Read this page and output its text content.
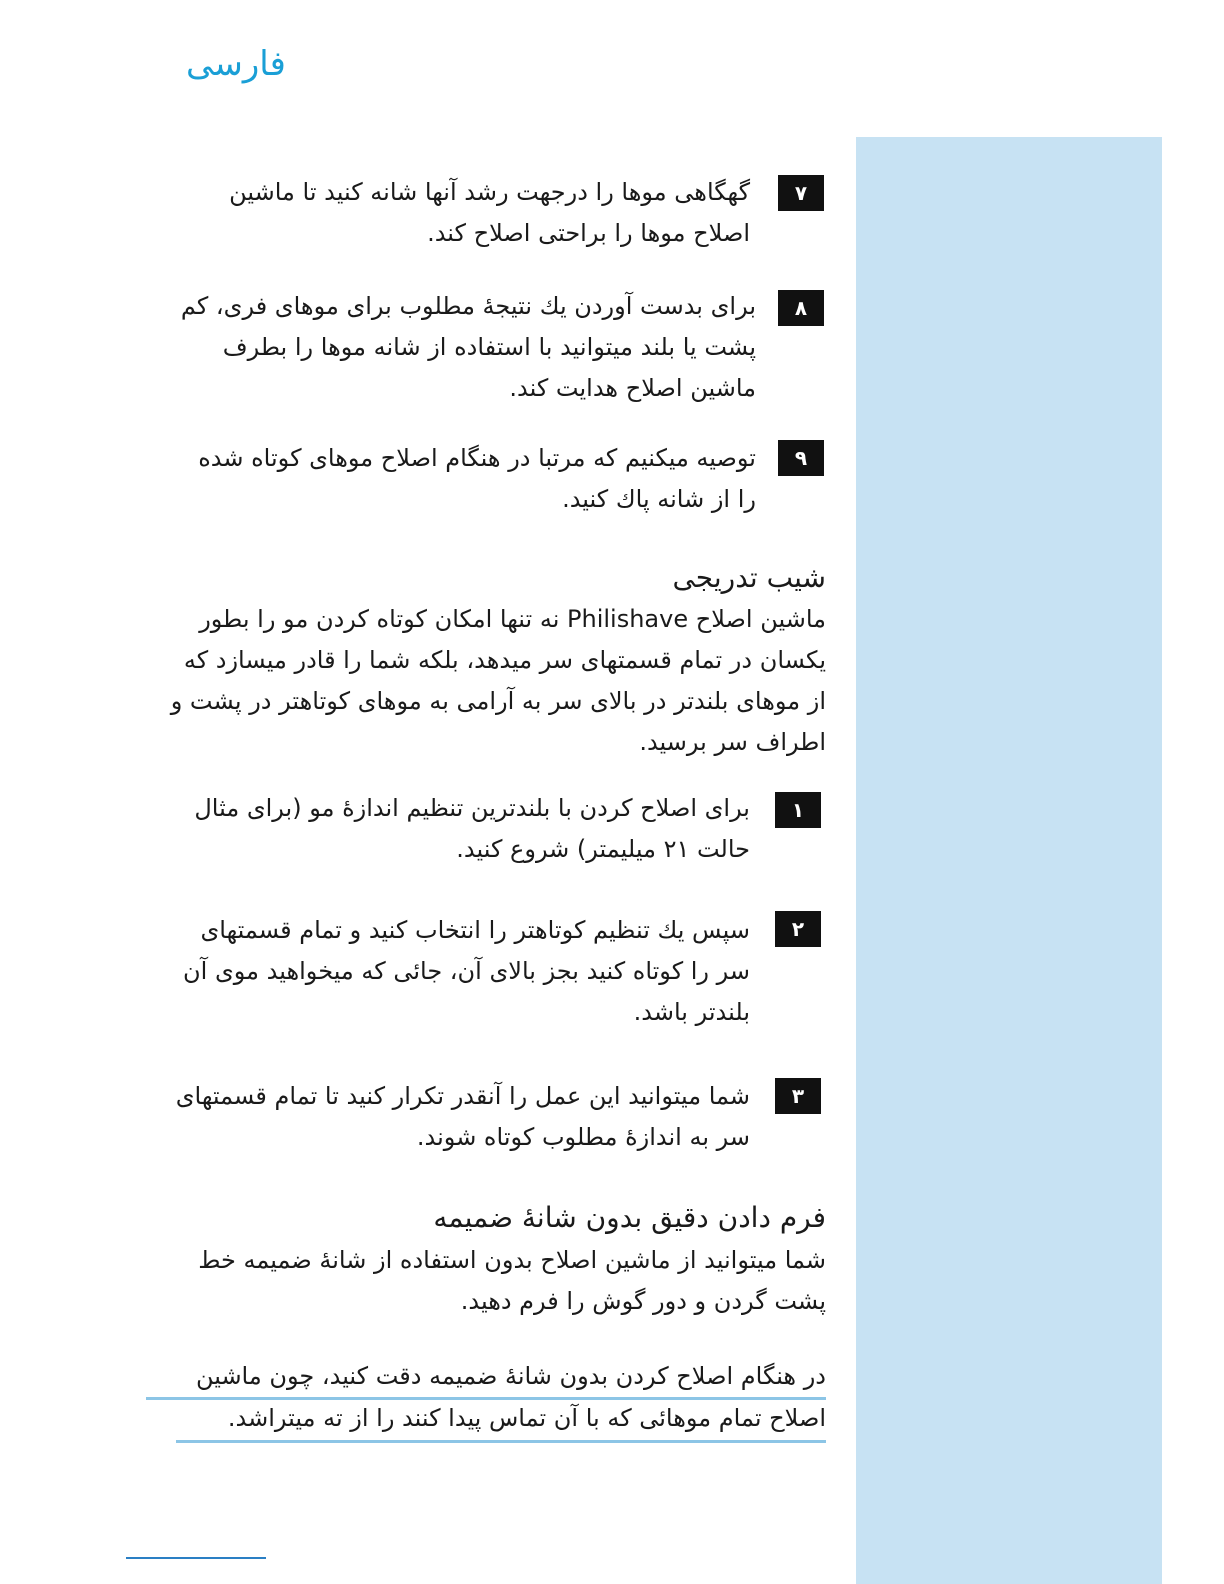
فارسی
۷
گهگاهی موها را درجهت رشد آنها شانه کنید تا ماشین
اصلاح موها را براحتی اصلاح کند.
۸
برای بدست آوردن یك نتیجهٔ مطلوب برای موهای فری، کم
پشت یا بلند میتوانید با استفاده از شانه موها را بطرف
ماشین اصلاح هدایت کند.
۹
توصیه میکنیم که مرتبا در هنگام اصلاح موهای کوتاه شده
را از شانه پاك کنید.
شیب تدریجی
ماشین اصلاح Philishave نه تنها امکان کوتاه کردن مو را بطور
یکسان در تمام قسمتهای سر میدهد، بلکه شما را قادر میسازد که
از موهای بلندتر در بالای سر به آرامی به موهای کوتاهتر در پشت و
اطراف سر برسید.
۱
برای اصلاح کردن با بلندترین تنظیم اندازهٔ مو (برای مثال
حالت ۲۱ میلیمتر) شروع کنید.
۲
سپس یك تنظیم کوتاهتر را انتخاب کنید و تمام قسمتهای
سر را کوتاه کنید بجز بالای آن، جائی که میخواهید موی آن
بلندتر باشد.
۳
شما میتوانید این عمل را آنقدر تکرار کنید تا تمام قسمتهای
سر به اندازهٔ مطلوب کوتاه شوند.
فرم دادن دقیق بدون شانهٔ ضمیمه
شما میتوانید از ماشین اصلاح بدون استفاده از شانهٔ ضمیمه خط
پشت گردن و دور گوش را فرم دهید.
در هنگام اصلاح کردن بدون شانهٔ ضمیمه دقت کنید، چون ماشین
اصلاح تمام موهائی که با آن تماس پیدا کنند را از ته میتراشد.
